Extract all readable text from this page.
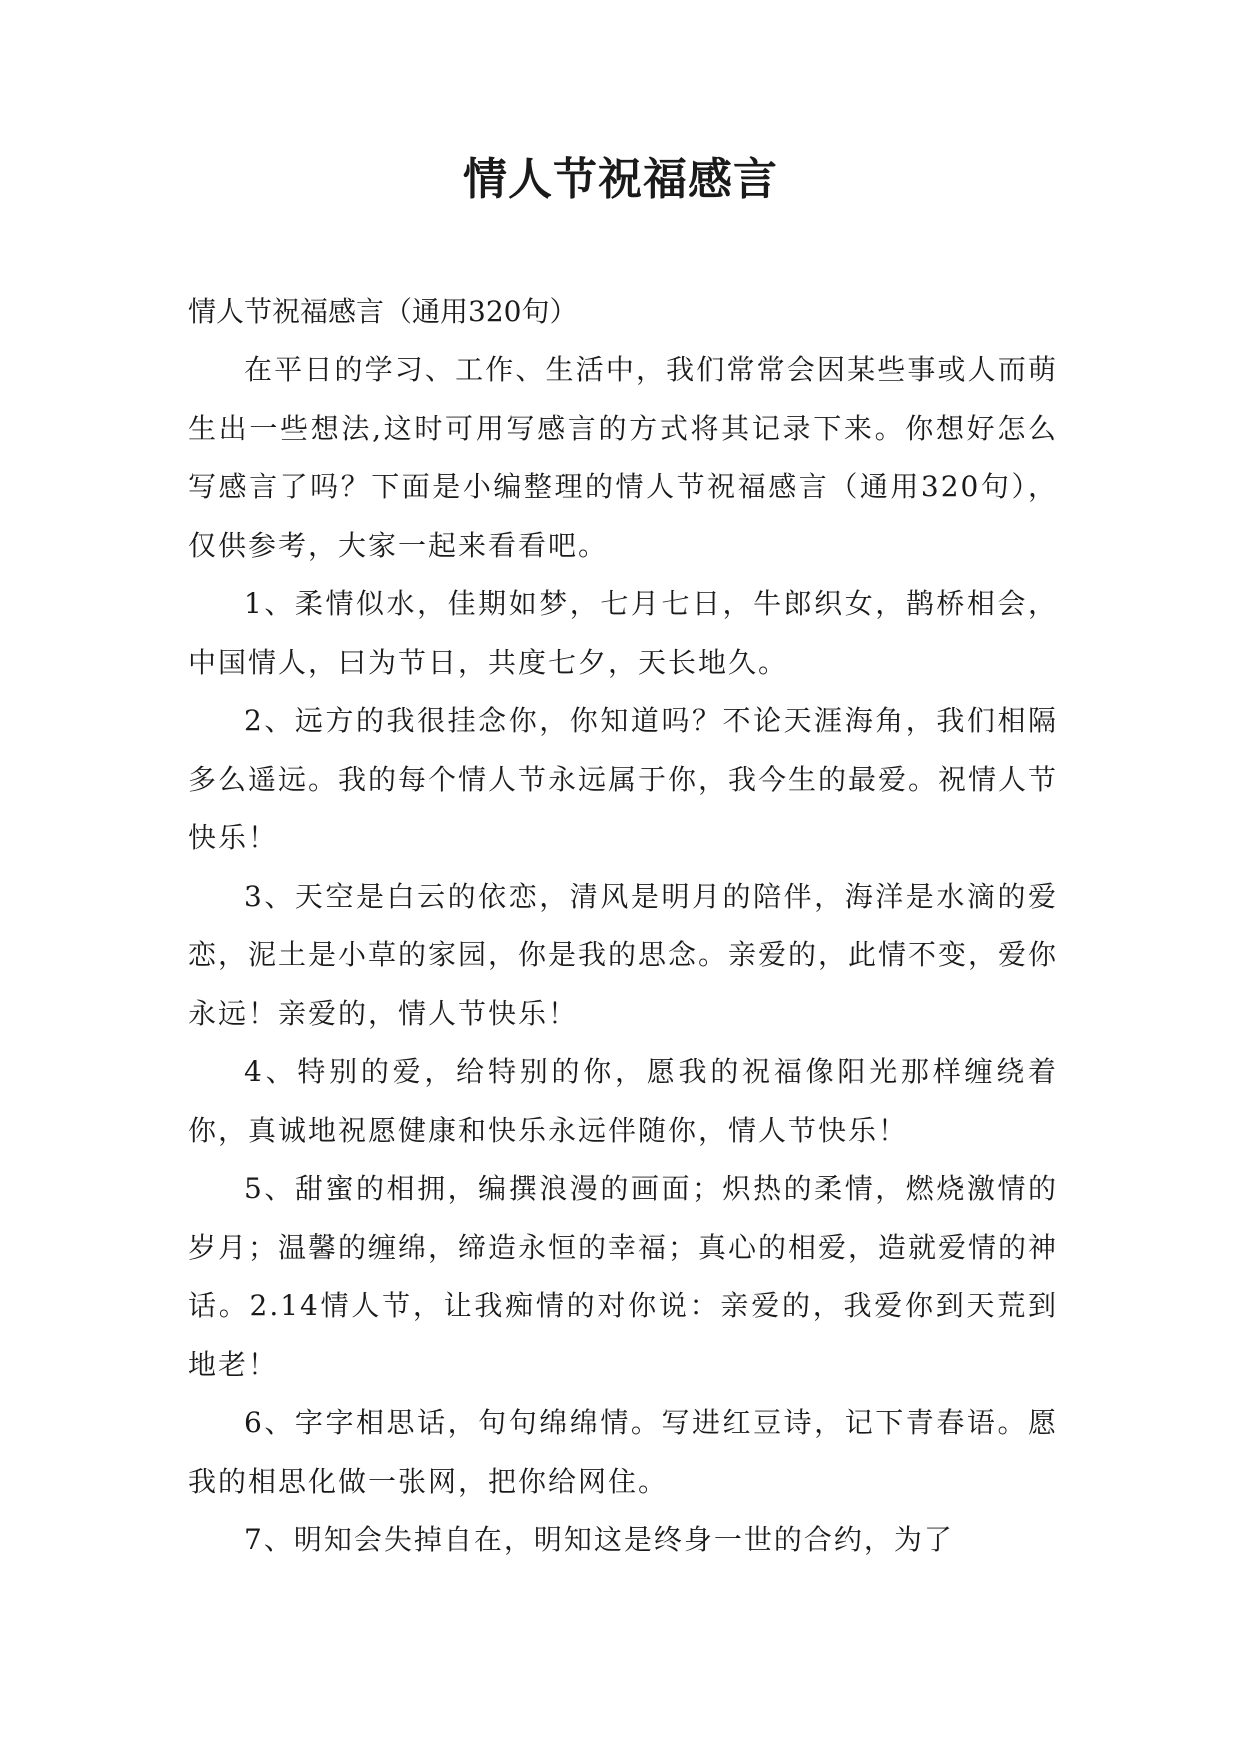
情人节祝福感言

情人节祝福感言（通用320句）

在平日的学习、工作、生活中，我们常常会因某些事或人而萌生出一些想法,这时可用写感言的方式将其记录下来。你想好怎么写感言了吗？下面是小编整理的情人节祝福感言（通用320句），仅供参考，大家一起来看看吧。

1、柔情似水，佳期如梦，七月七日，牛郎织女，鹊桥相会，中国情人，曰为节日，共度七夕，天长地久。

2、远方的我很挂念你，你知道吗？不论天涯海角，我们相隔多么遥远。我的每个情人节永远属于你，我今生的最爱。祝情人节快乐！

3、天空是白云的依恋，清风是明月的陪伴，海洋是水滴的爱恋，泥土是小草的家园，你是我的思念。亲爱的，此情不变，爱你永远！亲爱的，情人节快乐！

4、特别的爱，给特别的你，愿我的祝福像阳光那样缠绕着你，真诚地祝愿健康和快乐永远伴随你，情人节快乐！

5、甜蜜的相拥，编撰浪漫的画面；炽热的柔情，燃烧激情的岁月；温馨的缠绵，缔造永恒的幸福；真心的相爱，造就爱情的神话。2.14情人节，让我痴情的对你说：亲爱的，我爱你到天荒到地老！

6、字字相思话，句句绵绵情。写进红豆诗，记下青春语。愿我的相思化做一张网，把你给网住。

7、明知会失掉自在，明知这是终身一世的合约，为了
